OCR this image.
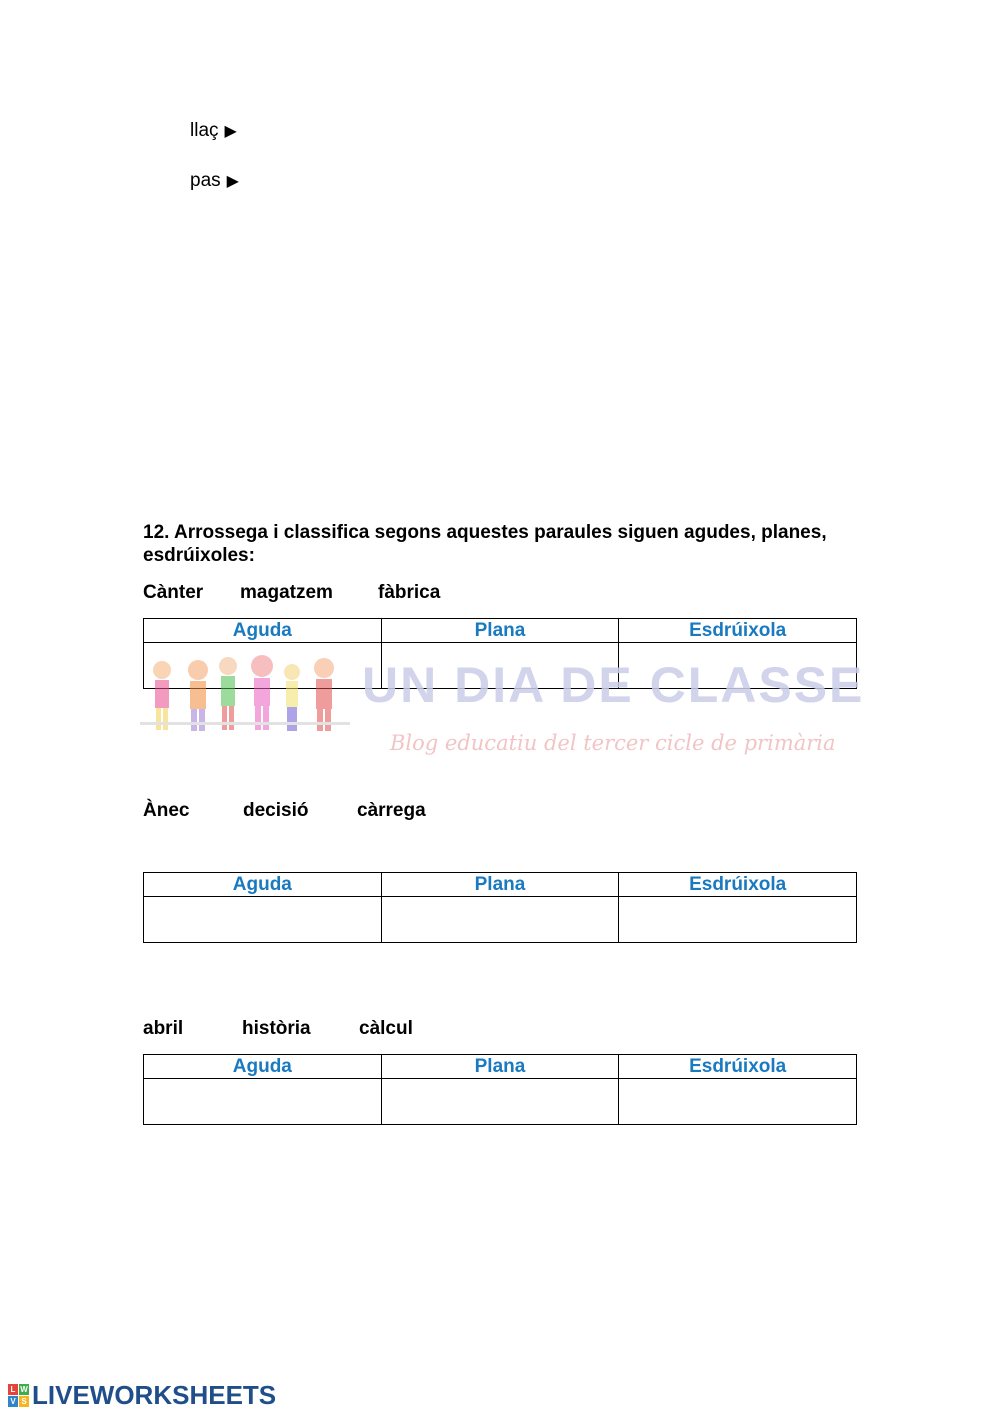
llaç ▶
pas ▶
12. Arrossega i classifica segons aquestes paraules siguen agudes, planes, esdrúixoles:
Cànter magatzem fàbrica
Aguda	Plana	Esdrúixola

UN DIA DE CLASSE
Blog educatiu del tercer cicle de primària
Ànec	decisió	càrrega
Aguda	Plana	Esdrúixola

abril	història	càlcul
Aguda	Plana	Esdrúixola

L W
V S LIVEWORKSHEETS
